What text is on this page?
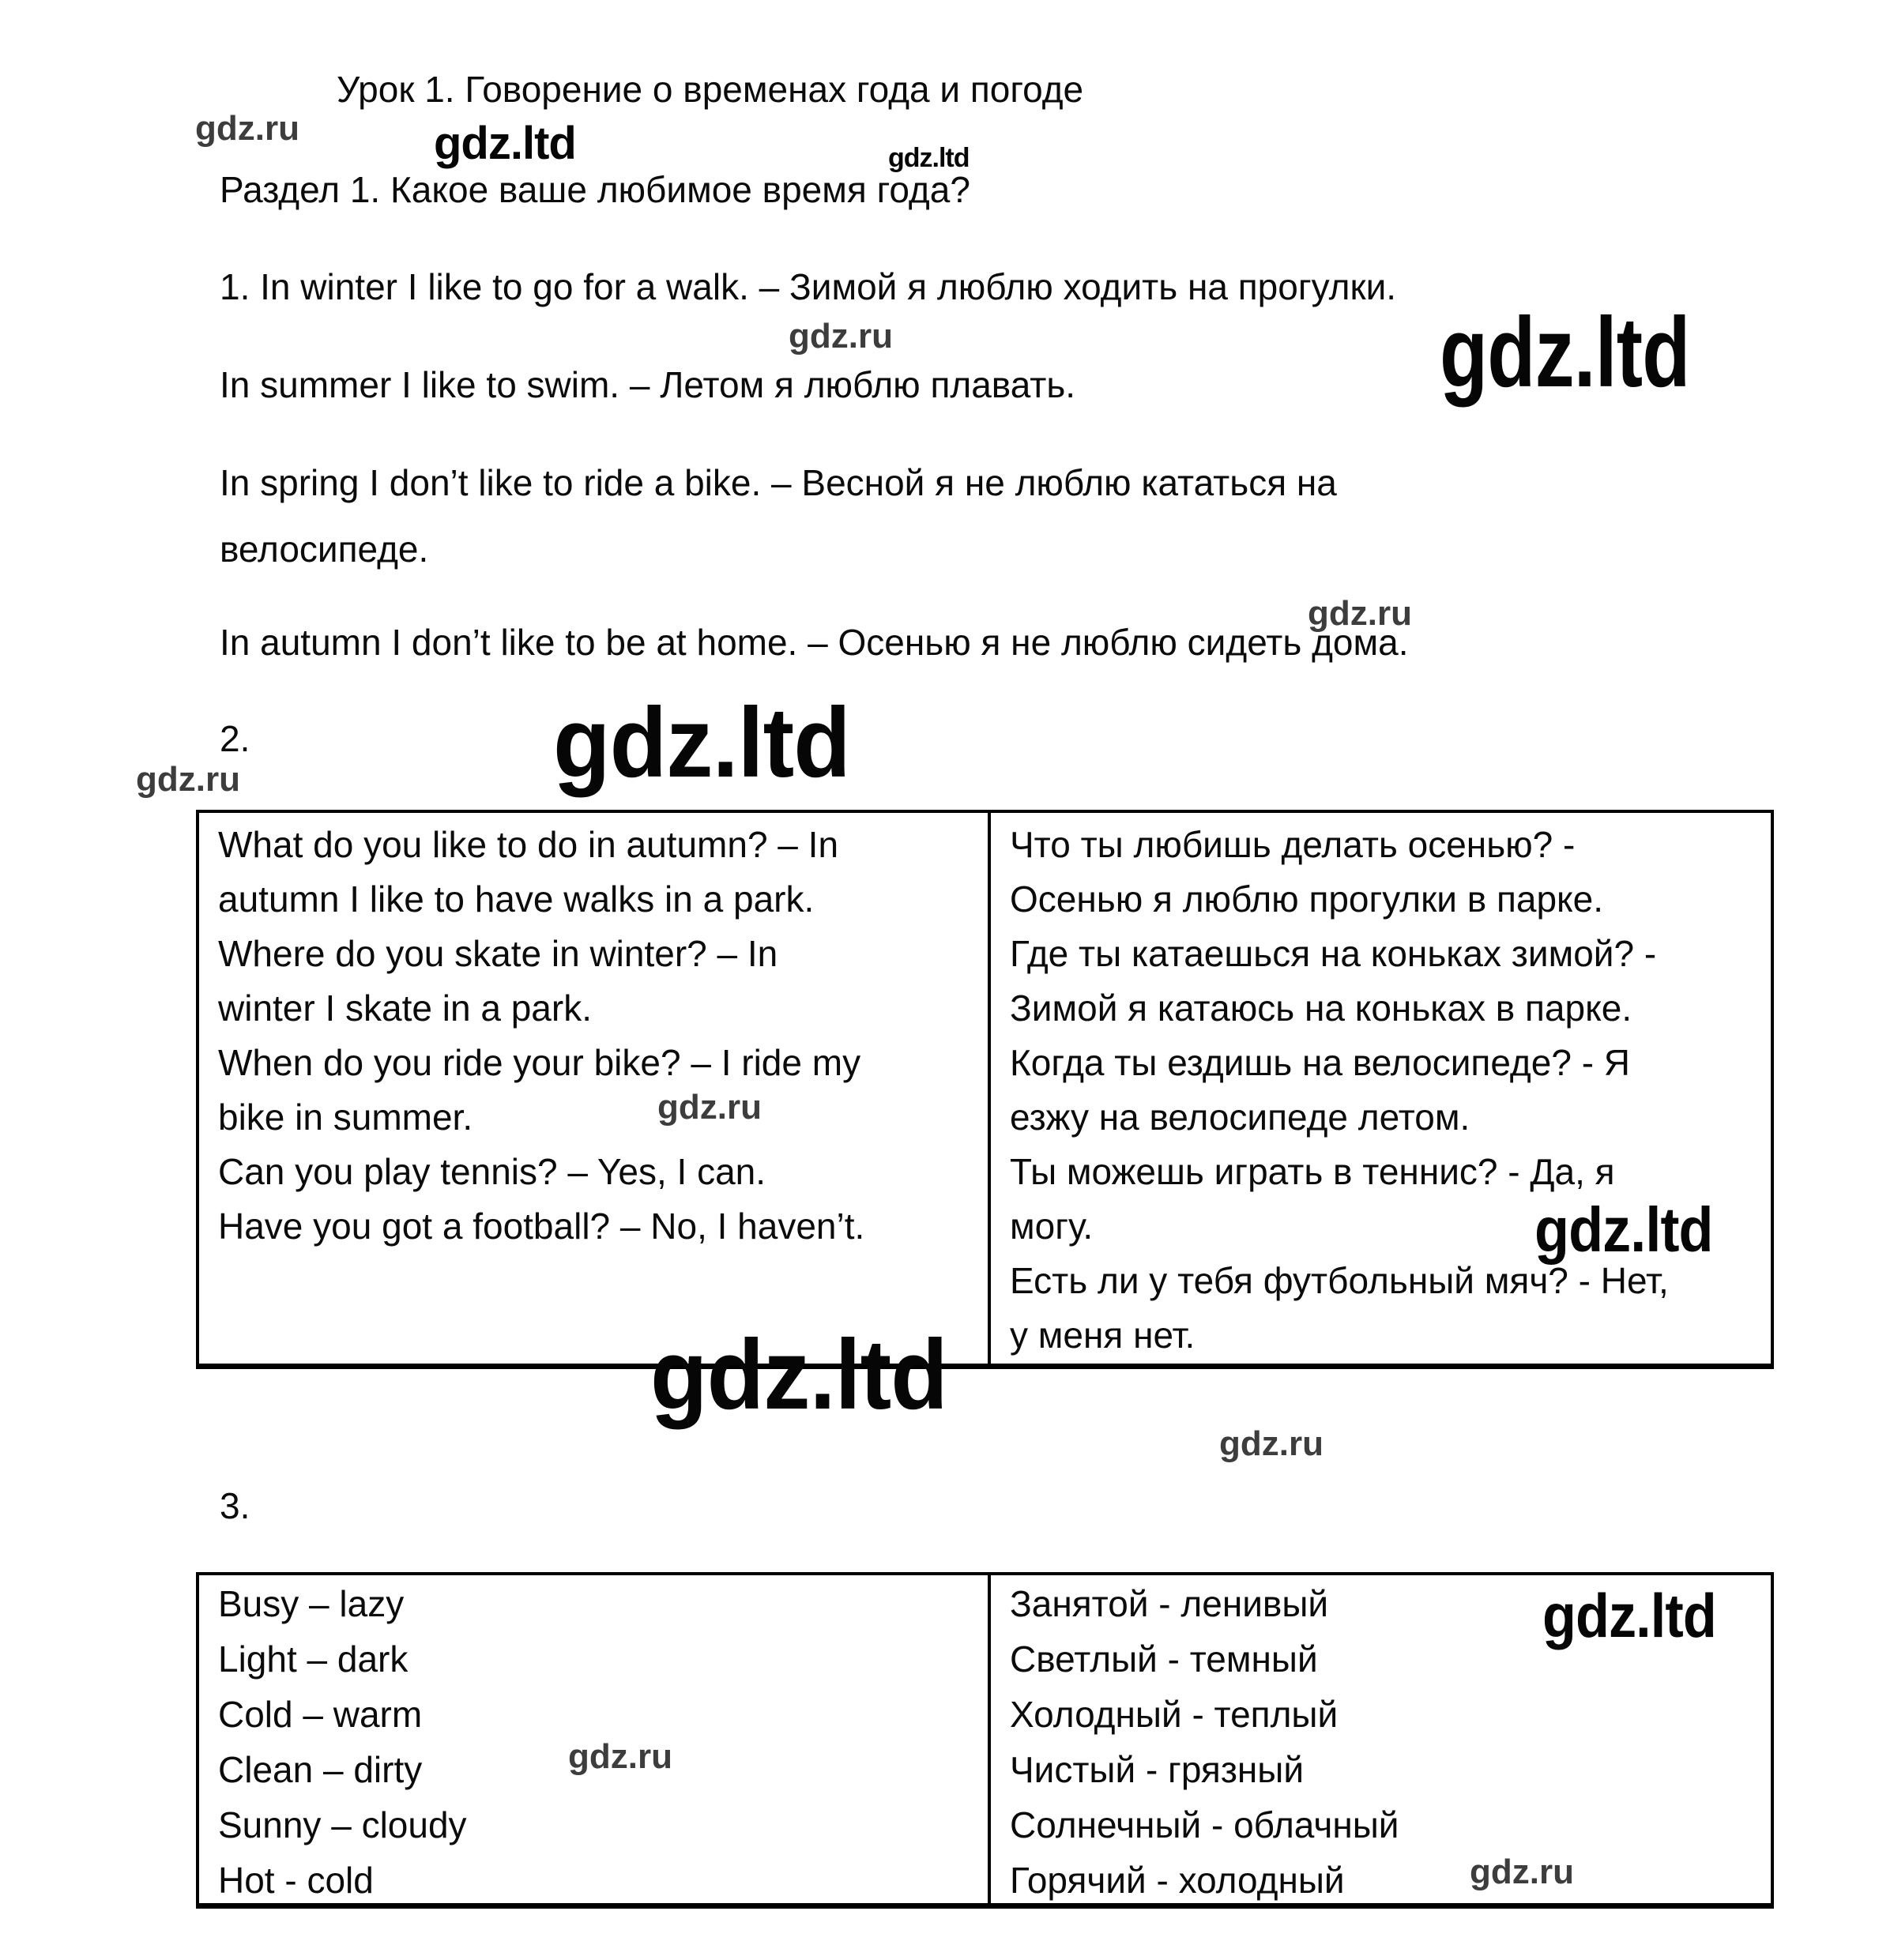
Урок 1. Говорение о временах года и погоде
Раздел 1. Какое ваше любимое время года?
1. In winter I like to go for a walk. – Зимой я люблю ходить на прогулки.
In summer I like to swim. – Летом я люблю плавать.
In spring I don’t like to ride a bike. – Весной я не люблю кататься на
велосипеде.
In autumn I don’t like to be at home. – Осенью я не люблю сидеть дома.
2.
What do you like to do in autumn? – In
autumn I like to have walks in a park.
Where do you skate in winter? – In
winter I skate in a park.
When do you ride your bike? – I ride my
bike in summer.
Can you play tennis? – Yes, I can.
Have you got a football? – No, I haven’t.
Что ты любишь делать осенью? -
Осенью я люблю прогулки в парке.
Где ты катаешься на коньках зимой? -
Зимой я катаюсь на коньках в парке.
Когда ты ездишь на велосипеде? - Я
езжу на велосипеде летом.
Ты можешь играть в теннис? - Да, я
могу.
Есть ли у тебя футбольный мяч? - Нет,
у меня нет.
3.
Busy – lazy
Light – dark
Cold – warm
Clean – dirty
Sunny – cloudy
Hot - cold
Занятой - ленивый
Светлый - темный
Холодный - теплый
Чистый - грязный
Солнечный - облачный
Горячий - холодный
gdz.ru
gdz.ru
gdz.ru
gdz.ru
gdz.ru
gdz.ru
gdz.ru
gdz.ru
gdz.ltd	gdz.ltd
gdz.ltd
gdz.ltd
gdz.ltd
gdz.ltd
gdz.ltd
